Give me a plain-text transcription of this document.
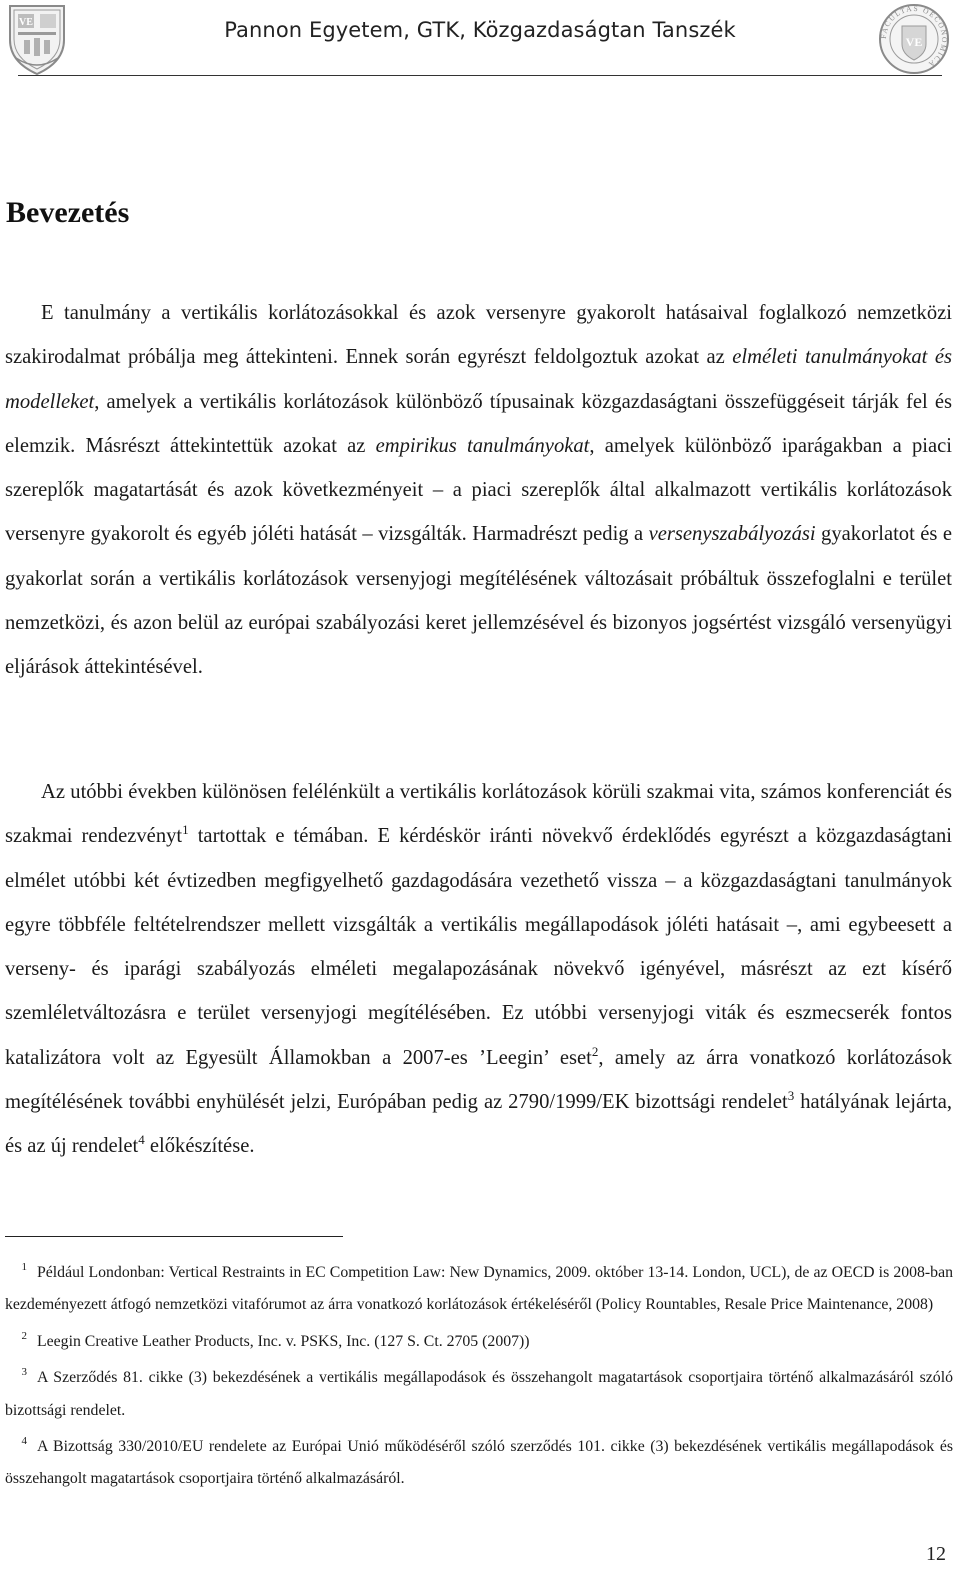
VE	Pannon Egyetem, GTK, Közgazdaságtan Tanszék	FACULTAS OECONOMICA
VE
Bevezetés

E tanulmány a vertikális korlátozásokkal és azok versenyre gyakorolt hatásaival foglalkozó nemzetközi szakirodalmat próbálja meg áttekinteni. Ennek során egyrészt feldolgoztuk azokat az elméleti tanulmányokat és modelleket, amelyek a vertikális korlátozások különböző típusainak közgazdaságtani összefüggéseit tárják fel és elemzik. Másrészt áttekintettük azokat az empirikus tanulmányokat, amelyek különböző iparágakban a piaci szereplők magatartását és azok következményeit – a piaci szereplők által alkalmazott vertikális korlátozások versenyre gyakorolt és egyéb jóléti hatását – vizsgálták. Harmadrészt pedig a versenyszabályozási gyakorlatot és e gyakorlat során a vertikális korlátozások versenyjogi megítélésének változásait próbáltuk összefoglalni e terület nemzetközi, és azon belül az európai szabályozási keret jellemzésével és bizonyos jogsértést vizsgáló versenyügyi eljárások áttekintésével.

Az utóbbi években különösen felélénkült a vertikális korlátozások körüli szakmai vita, számos konferenciát és szakmai rendezvényt$^1$ tartottak e témában. E kérdéskör iránti növekvő érdeklődés egyrészt a közgazdaságtani elmélet utóbbi két évtizedben megfigyelhető gazdagodására vezethető vissza – a közgazdaságtani tanulmányok egyre többféle feltételrendszer mellett vizsgálták a vertikális megállapodások jóléti hatásait –, ami egybeesett a verseny- és iparági szabályozás elméleti megalapozásának növekvő igényével, másrészt az ezt kísérő szemléletváltozásra e terület versenyjogi megítélésében. Ez utóbbi versenyjogi viták és eszmecserék fontos katalizátora volt az Egyesült Államokban a 2007-es ’Leegin’ eset$^2$, amely az árra vonatkozó korlátozások megítélésének további enyhülését jelzi, Európában pedig az 2790/1999/EK bizottsági rendelet$^3$ hatályának lejárta, és az új rendelet$^4$ előkészítése.

1 Például Londonban: Vertical Restraints in EC Competition Law: New Dynamics, 2009. október 13-14. London, UCL), de az OECD is 2008-ban kezdeményezett átfogó nemzetközi vitafórumot az árra vonatkozó korlátozások értékeléséről (Policy Rountables, Resale Price Maintenance, 2008)

2 Leegin Creative Leather Products, Inc. v. PSKS, Inc. (127 S. Ct. 2705 (2007))

3 A Szerződés 81. cikke (3) bekezdésének a vertikális megállapodások és összehangolt magatartások csoportjaira történő alkalmazásáról szóló bizottsági rendelet.

4 A Bizottság 330/2010/EU rendelete az Európai Unió működéséről szóló szerződés 101. cikke (3) bekezdésének vertikális megállapodások és összehangolt magatartások csoportjaira történő alkalmazásáról.

12
